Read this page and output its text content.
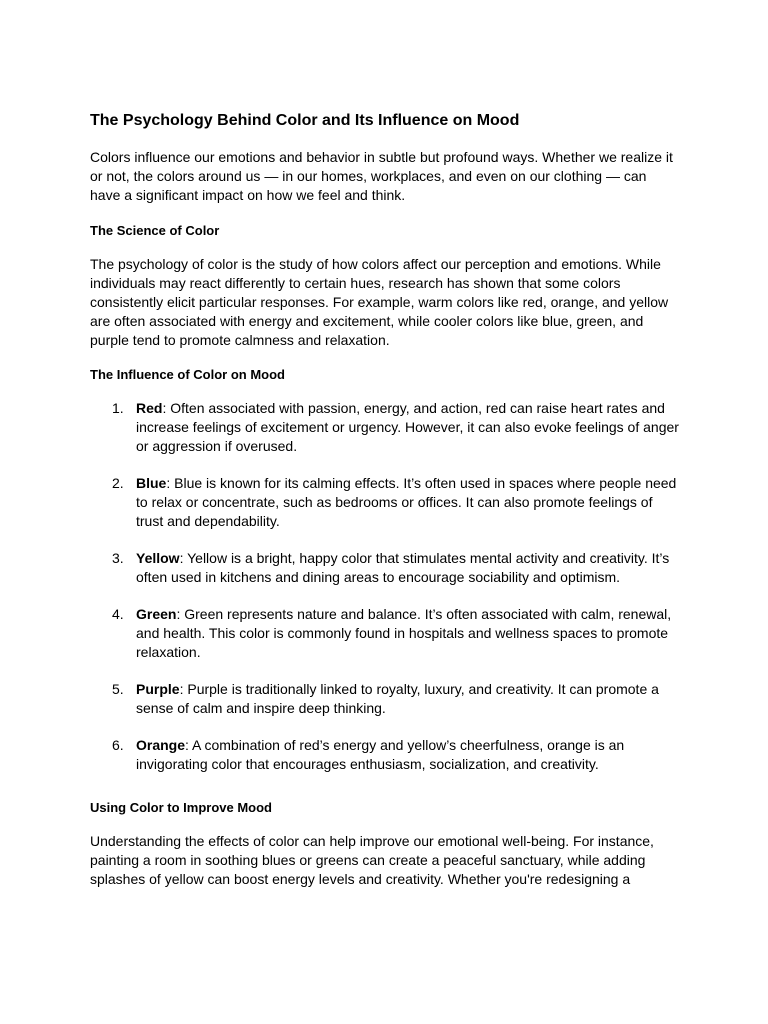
The Psychology Behind Color and Its Influence on Mood

Colors influence our emotions and behavior in subtle but profound ways. Whether we realize it or not, the colors around us — in our homes, workplaces, and even on our clothing — can have a significant impact on how we feel and think.

The Science of Color

The psychology of color is the study of how colors affect our perception and emotions. While individuals may react differently to certain hues, research has shown that some colors consistently elicit particular responses. For example, warm colors like red, orange, and yellow are often associated with energy and excitement, while cooler colors like blue, green, and purple tend to promote calmness and relaxation.

The Influence of Color on Mood
1. Red: Often associated with passion, energy, and action, red can raise heart rates and increase feelings of excitement or urgency. However, it can also evoke feelings of anger or aggression if overused.
2. Blue: Blue is known for its calming effects. It’s often used in spaces where people need to relax or concentrate, such as bedrooms or offices. It can also promote feelings of trust and dependability.
3. Yellow: Yellow is a bright, happy color that stimulates mental activity and creativity. It’s often used in kitchens and dining areas to encourage sociability and optimism.
4. Green: Green represents nature and balance. It’s often associated with calm, renewal, and health. This color is commonly found in hospitals and wellness spaces to promote relaxation.
5. Purple: Purple is traditionally linked to royalty, luxury, and creativity. It can promote a sense of calm and inspire deep thinking.
6. Orange: A combination of red’s energy and yellow’s cheerfulness, orange is an invigorating color that encourages enthusiasm, socialization, and creativity.
Using Color to Improve Mood

Understanding the effects of color can help improve our emotional well-being. For instance, painting a room in soothing blues or greens can create a peaceful sanctuary, while adding splashes of yellow can boost energy levels and creativity. Whether you're redesigning a
